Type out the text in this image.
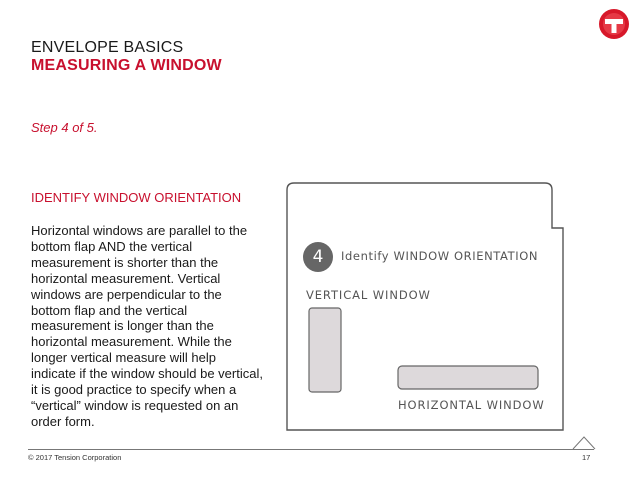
ENVELOPE BASICS
MEASURING A WINDOW
Step 4 of 5.
IDENTIFY WINDOW ORIENTATION
Horizontal windows are parallel to the bottom flap AND the vertical measurement is shorter than the horizontal measurement. Vertical windows are perpendicular to the bottom flap and the vertical measurement is longer than the horizontal measurement. While the longer vertical measure will help indicate if the window should be vertical, it is good practice to specify when a “vertical” window is requested on an order form.
4	Identify WINDOW ORIENTATION
VERTICAL WINDOW
HORIZONTAL WINDOW
© 2017 Tension Corporation	17
